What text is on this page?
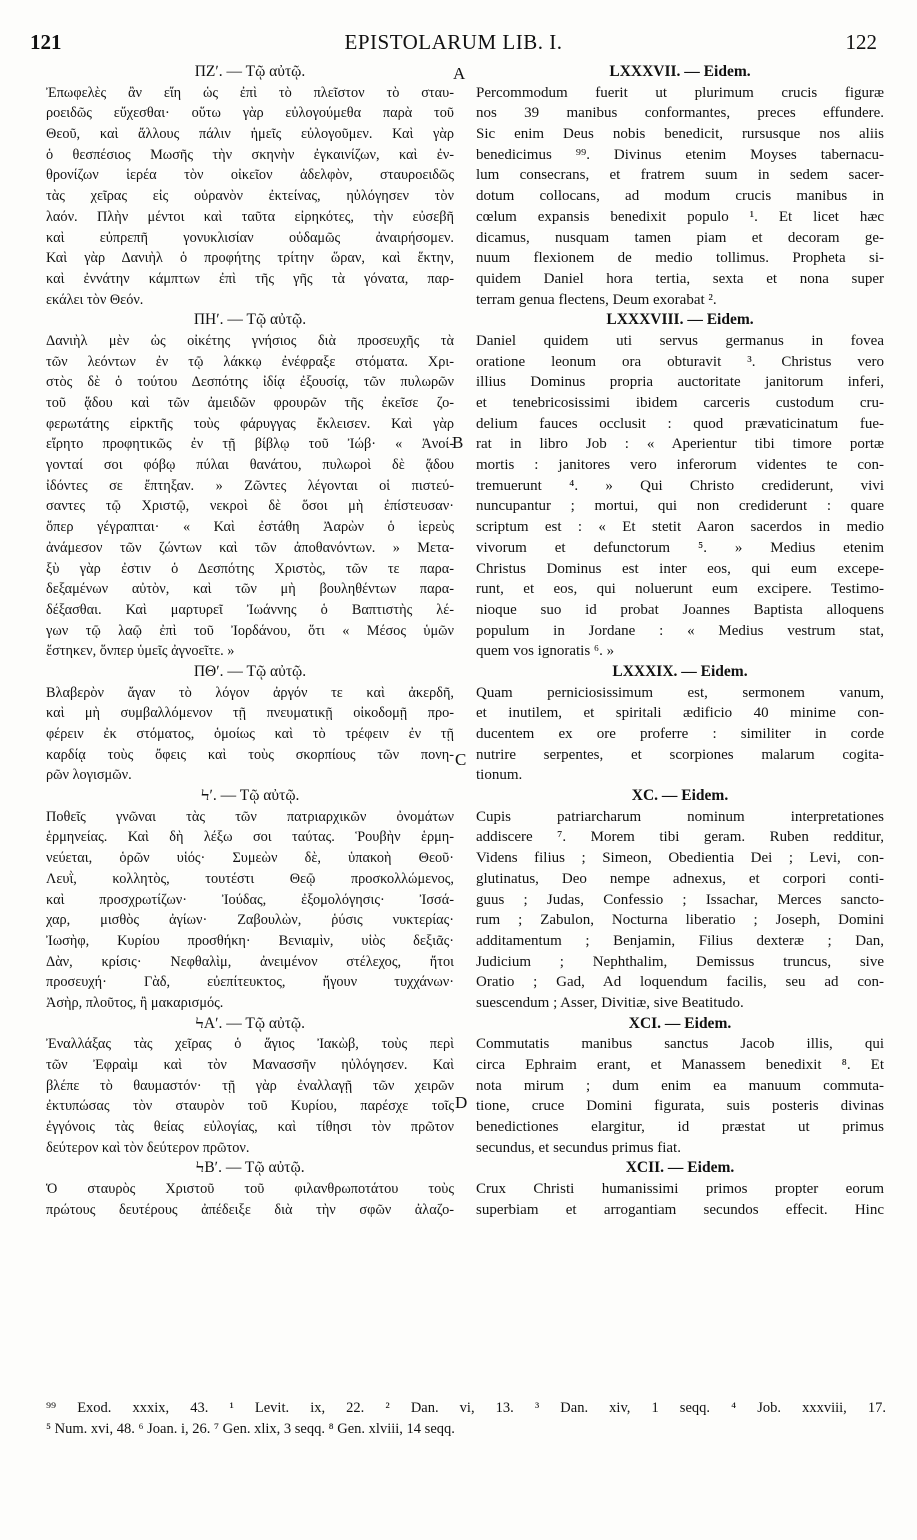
121	EPISTOLARUM LIB. I.	122
ΠΖʹ. — Τῷ αὐτῷ.
Ἐπωφελὲς ἂν εἴη ὡς ἐπὶ τὸ πλεῖστον τὸ σταυ-
ροειδῶς εὔχεσθαι· οὕτω γὰρ εὐλογούμεθα παρὰ τοῦ
Θεοῦ, καὶ ἄλλους πάλιν ἡμεῖς εὐλογοῦμεν. Καὶ γὰρ
ὁ θεσπέσιος Μωσῆς τὴν σκηνὴν ἐγκαινίζων, καὶ ἐν-
θρονίζων ἱερέα τὸν οἰκεῖον ἀδελφὸν, σταυροειδῶς
τὰς χεῖρας εἰς οὐρανὸν ἐκτείνας, ηὐλόγησεν τὸν
λαόν. Πλὴν μέντοι καὶ ταῦτα εἰρηκότες, τὴν εὐσεβῆ
καὶ εὐπρεπῆ γονυκλισίαν οὐδαμῶς ἀναιρήσομεν.
Καὶ γὰρ Δανιὴλ ὁ προφήτης τρίτην ὥραν, καὶ ἕκτην,
καὶ ἐννάτην κάμπτων ἐπὶ τῆς γῆς τὰ γόνατα, παρ-
εκάλει τὸν Θεόν.
ΠΗʹ. — Τῷ αὐτῷ.
Δανιὴλ μὲν ὡς οἰκέτης γνήσιος διὰ προσευχῆς τὰ
τῶν λεόντων ἐν τῷ λάκκῳ ἐνέφραξε στόματα. Χρι-
στὸς δὲ ὁ τούτου Δεσπότης ἰδίᾳ ἐξουσίᾳ, τῶν πυλωρῶν
τοῦ ᾅδου καὶ τῶν ἀμειδῶν φρουρῶν τῆς ἐκεῖσε ζο-
φερωτάτης εἱρκτῆς τοὺς φάρυγγας ἔκλεισεν. Καὶ γὰρ
εἴρητο προφητικῶς ἐν τῇ βίβλῳ τοῦ Ἰώβ· « Ἀνοί-
γονταί σοι φόβῳ πύλαι θανάτου, πυλωροὶ δὲ ᾅδου
ἰδόντες σε ἔπτηξαν. » Ζῶντες λέγονται οἱ πιστεύ-
σαντες τῷ Χριστῷ, νεκροὶ δὲ ὅσοι μὴ ἐπίστευσαν·
ὅπερ γέγραπται· « Καὶ ἐστάθη Ἀαρὼν ὁ ἱερεὺς
ἀνάμεσον τῶν ζώντων καὶ τῶν ἀποθανόντων. » Μετα-
ξὺ γὰρ ἐστιν ὁ Δεσπότης Χριστὸς, τῶν τε παρα-
δεξαμένων αὐτὸν, καὶ τῶν μὴ βουληθέντων παρα-
δέξασθαι. Καὶ μαρτυρεῖ Ἰωάννης ὁ Βαπτιστὴς λέ-
γων τῷ λαῷ ἐπὶ τοῦ Ἰορδάνου, ὅτι « Μέσος ὑμῶν
ἕστηκεν, ὅνπερ ὑμεῖς ἀγνοεῖτε. »
ΠΘʹ. — Τῷ αὐτῷ.
Βλαβερὸν ἄγαν τὸ λόγον ἀργόν τε καὶ ἀκερδῆ,
καὶ μὴ συμβαλλόμενον τῇ πνευματικῇ οἰκοδομῇ προ-
φέρειν ἐκ στόματος, ὁμοίως καὶ τὸ τρέφειν ἐν τῇ
καρδίᾳ τοὺς ὄφεις καὶ τοὺς σκορπίους τῶν πονη-
ρῶν λογισμῶν.
Ϟʹ. — Τῷ αὐτῷ.
Ποθεῖς γνῶναι τὰς τῶν πατριαρχικῶν ὀνομάτων
ἑρμηνείας. Καὶ δὴ λέξω σοι ταύτας. Ῥουβὴν ἑρμη-
νεύεται, ὁρῶν υἱός· Συμεὼν δὲ, ὑπακοὴ Θεοῦ·
Λευῒ, κολλητὸς, τουτέστι Θεῷ προσκολλώμενος,
καὶ προσχρωτίζων· Ἰούδας, ἐξομολόγησις· Ἰσσά-
χαρ, μισθὸς ἀγίων· Ζαβουλὼν, ῥύσις νυκτερίας·
Ἰωσὴφ, Κυρίου προσθήκη· Βενιαμὶν, υἱὸς δεξιᾶς·
Δὰν, κρίσις· Νεφθαλὶμ, ἀνειμένον στέλεχος, ἤτοι
προσευχή· Γὰδ, εὐεπίτευκτος, ἤγουν τυχχάνων·
Ἀσὴρ, πλοῦτος, ἢ μακαρισμός.
ϞΑʹ. — Τῷ αὐτῷ.
Ἐναλλάξας τὰς χεῖρας ὁ ἅγιος Ἰακὼβ, τοὺς περὶ
τῶν Ἐφραὶμ καὶ τὸν Μανασσῆν ηὐλόγησεν. Καὶ
βλέπε τὸ θαυμαστόν· τῇ γὰρ ἐναλλαγῇ τῶν χειρῶν
ἐκτυπώσας τὸν σταυρὸν τοῦ Κυρίου, παρέσχε τοῖς
ἐγγόνοις τὰς θείας εὐλογίας, καὶ τίθησι τὸν πρῶτον
δεύτερον καὶ τὸν δεύτερον πρῶτον.
ϞΒʹ. — Τῷ αὐτῷ.
Ὁ σταυρὸς Χριστοῦ τοῦ φιλανθρωποτάτου τοὺς
πρώτους δευτέρους ἀπέδειξε διὰ τὴν σφῶν ἀλαζο-
LXXXVII. — Eidem.
Percommodum fuerit ut plurimum crucis figuræ
nos 39 manibus conformantes, preces effundere.
Sic enim Deus nobis benedicit, rursusque nos aliis
benedicimus ⁹⁹. Divinus etenim Moyses tabernacu-
lum consecrans, et fratrem suum in sedem sacer-
dotum collocans, ad modum crucis manibus in
cœlum expansis benedixit populo ¹. Et licet hæc
dicamus, nusquam tamen piam et decoram ge-
nuum flexionem de medio tollimus. Propheta si-
quidem Daniel hora tertia, sexta et nona super
terram genua flectens, Deum exorabat ².
LXXXVIII. — Eidem.
Daniel quidem uti servus germanus in fovea
oratione leonum ora obturavit ³. Christus vero
illius Dominus propria auctoritate janitorum inferi,
et tenebricosissimi ibidem carceris custodum cru-
delium fauces occlusit : quod prævaticinatum fue-
rat in libro Job : « Aperientur tibi timore portæ
mortis : janitores vero inferorum videntes te con-
tremuerunt ⁴. » Qui Christo crediderunt, vivi
nuncupantur ; mortui, qui non crediderunt : quare
scriptum est : « Et stetit Aaron sacerdos in medio
vivorum et defunctorum ⁵. » Medius etenim
Christus Dominus est inter eos, qui eum excepe-
runt, et eos, qui noluerunt eum excipere. Testimo-
nioque suo id probat Joannes Baptista alloquens
populum in Jordane : « Medius vestrum stat,
quem vos ignoratis ⁶. »
LXXXIX. — Eidem.
Quam perniciosissimum est, sermonem vanum,
et inutilem, et spiritali ædificio 40 minime con-
ducentem ex ore proferre : similiter in corde
nutrire serpentes, et scorpiones malarum cogita-
tionum.
XC. — Eidem.
Cupis patriarcharum nominum interpretationes
addiscere ⁷. Morem tibi geram. Ruben redditur,
Videns filius ; Simeon, Obedientia Dei ; Levi, con-
glutinatus, Deo nempe adnexus, et corpori conti-
guus ; Judas, Confessio ; Issachar, Merces sancto-
rum ; Zabulon, Nocturna liberatio ; Joseph, Domini
additamentum ; Benjamin, Filius dexteræ ; Dan,
Judicium ; Nephthalim, Demissus truncus, sive
Oratio ; Gad, Ad loquendum facilis, seu ad con-
suescendum ; Asser, Divitiæ, sive Beatitudo.
XCI. — Eidem.
Commutatis manibus sanctus Jacob illis, qui
circa Ephraim erant, et Manassem benedixit ⁸. Et
nota mirum ; dum enim ea manuum commuta-
tione, cruce Domini figurata, suis posteris divinas
benedictiones elargitur, id præstat ut primus
secundus, et secundus primus fiat.
XCII. — Eidem.
Crux Christi humanissimi primos propter eorum
superbiam et arrogantiam secundos effecit. Hinc
A
B
C
D
⁹⁹ Exod. xxxix, 43. ¹ Levit. ix, 22. ² Dan. vi, 13. ³ Dan. xiv, 1 seqq. ⁴ Job. xxxviii, 17.
⁵ Num. xvi, 48. ⁶ Joan. i, 26. ⁷ Gen. xlix, 3 seqq. ⁸ Gen. xlviii, 14 seqq.
